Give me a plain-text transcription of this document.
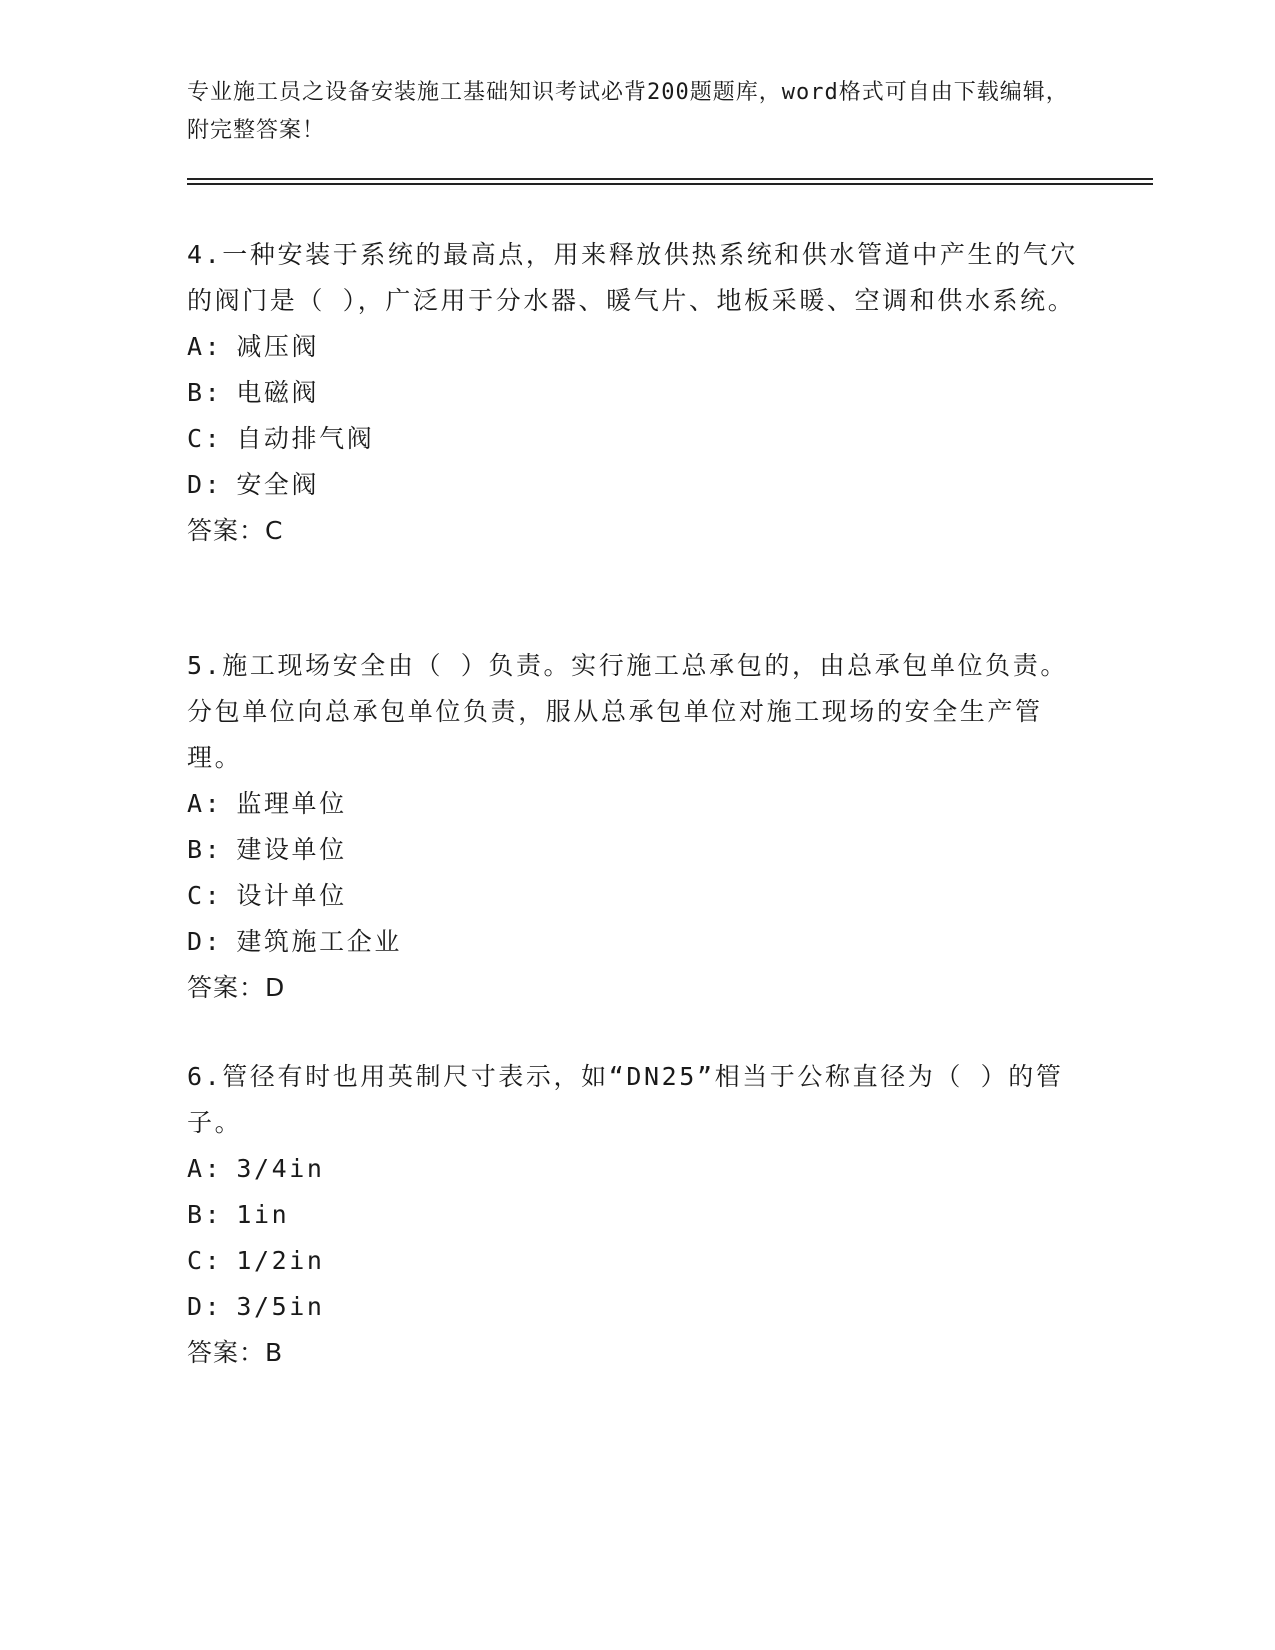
专业施工员之设备安装施工基础知识考试必背200题题库，word格式可自由下载编辑，附完整答案！

4.一种安装于系统的最高点，用来释放供热系统和供水管道中产生的气穴的阀门是（ ），广泛用于分水器、暖气片、地板采暖、空调和供水系统。

A: 减压阀
B: 电磁阀
C: 自动排气阀
D: 安全阀
答案：C

5.施工现场安全由（ ）负责。实行施工总承包的，由总承包单位负责。分包单位向总承包单位负责，服从总承包单位对施工现场的安全生产管理。

A: 监理单位
B: 建设单位
C: 设计单位
D: 建筑施工企业
答案：D

6.管径有时也用英制尺寸表示，如“DN25”相当于公称直径为（ ）的管子。

A: 3/4in
B: 1in
C: 1/2in
D: 3/5in
答案：B
